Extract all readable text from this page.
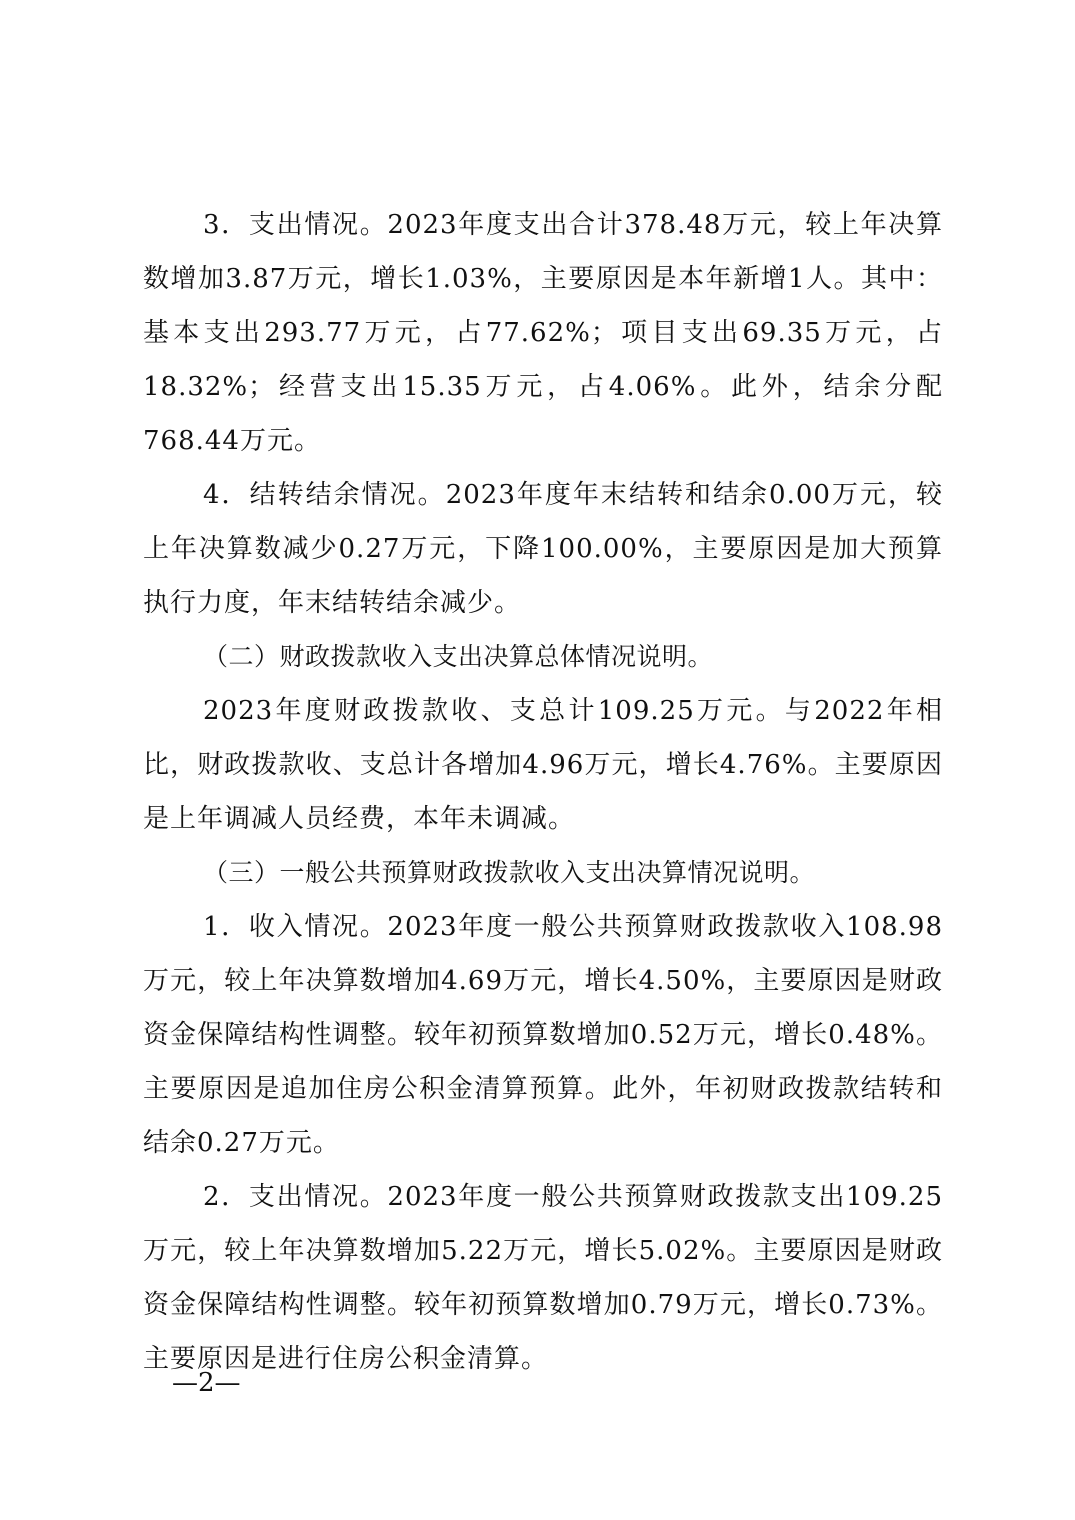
3．支出情况。2023年度支出合计378.48万元，较上年决算数增加3.87万元，增长1.03%，主要原因是本年新增1人。其中：基本支出293.77万元，占77.62%；项目支出69.35万元，占18.32%；经营支出15.35万元，占4.06%。此外，结余分配768.44万元。

4．结转结余情况。2023年度年末结转和结余0.00万元，较上年决算数减少0.27万元，下降100.00%，主要原因是加大预算执行力度，年末结转结余减少。

（二）财政拨款收入支出决算总体情况说明。

2023年度财政拨款收、支总计109.25万元。与2022年相比，财政拨款收、支总计各增加4.96万元，增长4.76%。主要原因是上年调减人员经费，本年未调减。

（三）一般公共预算财政拨款收入支出决算情况说明。

1．收入情况。2023年度一般公共预算财政拨款收入108.98万元，较上年决算数增加4.69万元，增长4.50%，主要原因是财政资金保障结构性调整。较年初预算数增加0.52万元，增长0.48%。主要原因是追加住房公积金清算预算。此外，年初财政拨款结转和结余0.27万元。

2．支出情况。2023年度一般公共预算财政拨款支出109.25万元，较上年决算数增加5.22万元，增长5.02%。主要原因是财政资金保障结构性调整。较年初预算数增加0.79万元，增长0.73%。主要原因是进行住房公积金清算。

—2—
